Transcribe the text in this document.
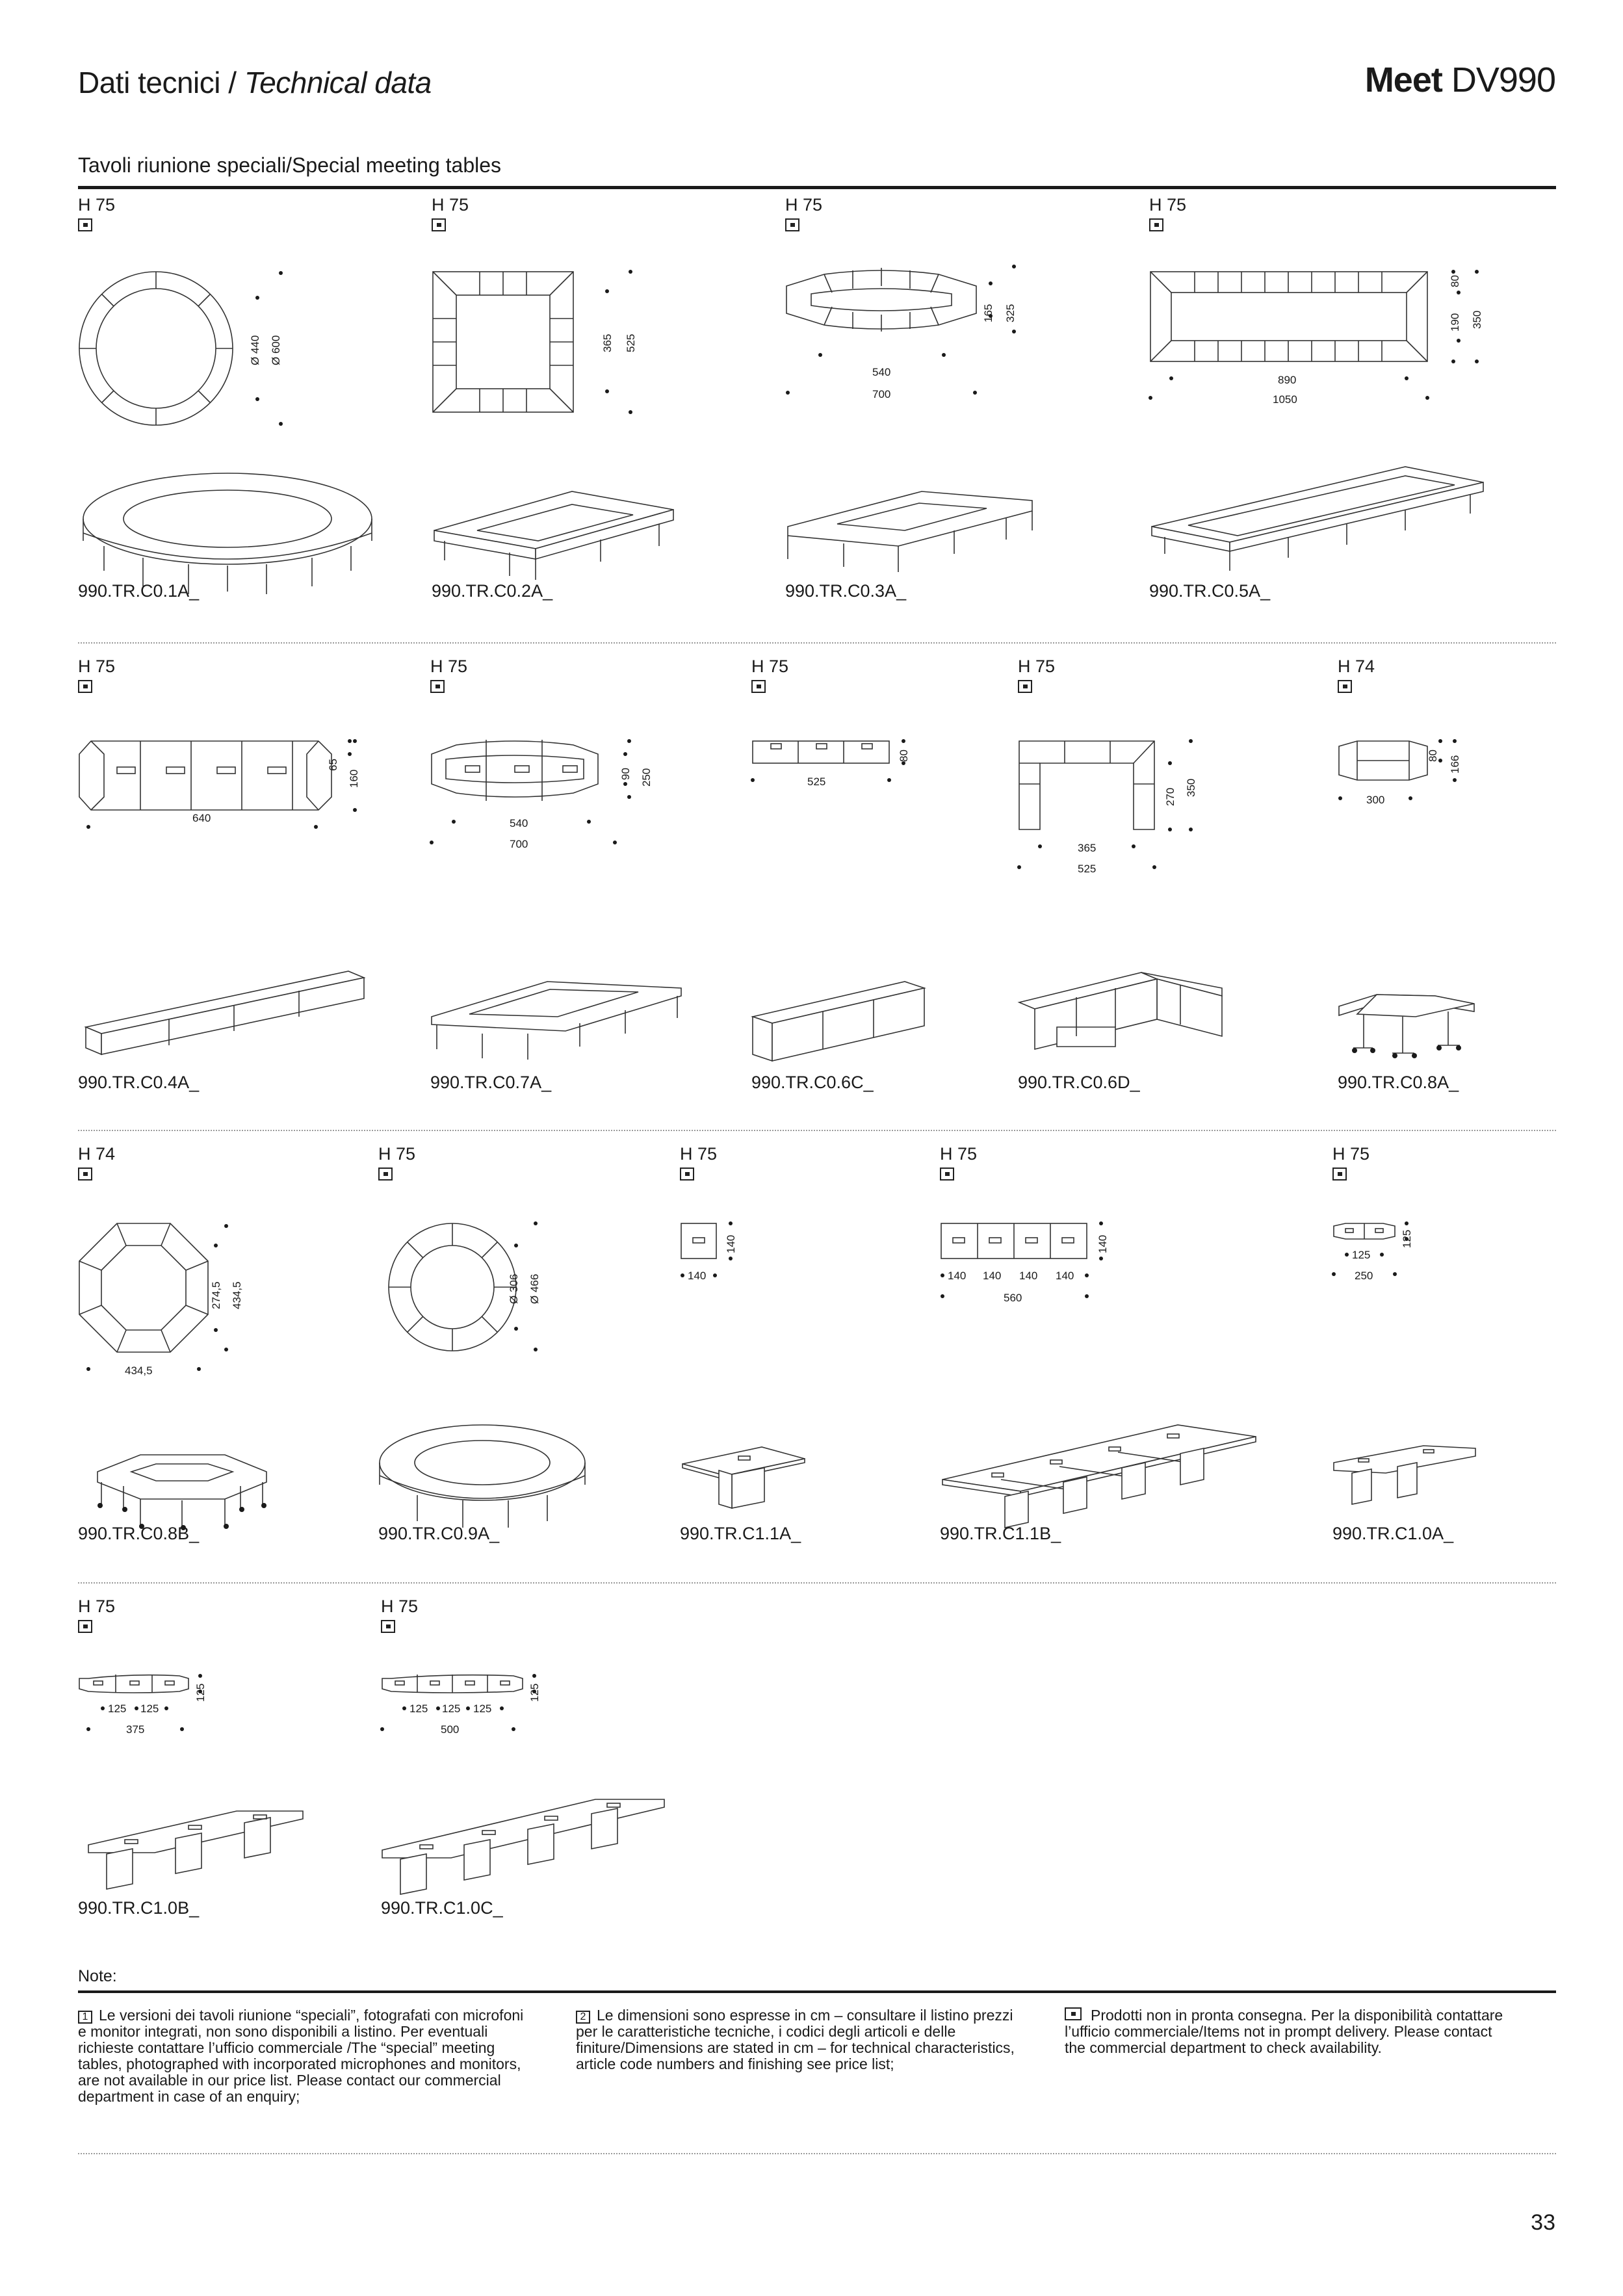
Dati tecnici / Technical data	Meet DV990
Tavoli riunione speciali/Special meeting tables
H 75
Ø 440 Ø 600
990.TR.C0.1A_
H 75
365 525
990.TR.C0.2A_
H 75
165 325
540
700
990.TR.C0.3A_
H 75
80
190 350
890
1050
990.TR.C0.5A_
H 75
65
160
640
990.TR.C0.4A_
H 75
90 250
540
700
990.TR.C0.7A_
H 75
80
525
990.TR.C0.6C_
H 75
270 350
365
525
990.TR.C0.6D_
H 74
80 166
300
990.TR.C0.8A_
H 74
274,5 434,5
434,5
990.TR.C0.8B_
H 75
Ø 306 Ø 466
990.TR.C0.9A_
H 75
140
140
990.TR.C1.1A_
H 75
140
140 140 140 140
560
990.TR.C1.1B_
H 75
125
125
250
990.TR.C1.0A_
H 75
125
125 125
375
990.TR.C1.0B_
H 75
125
125 125 125
500
990.TR.C1.0C_
Note:
1 Le versioni dei tavoli riunione “speciali”, fotografati con microfoni e monitor integrati, non sono disponibili a listino. Per eventuali richieste contattare l’ufficio commerciale /The “special” meeting tables, photographed with incorporated microphones and monitors, are not available in our price list. Please contact our commercial department in case of an enquiry;
2 Le dimensioni sono espresse in cm – consultare il listino prezzi per le caratteristiche tecniche, i codici degli articoli e delle finiture/Dimensions are stated in cm – for technical characteristics, article code numbers and finishing see price list;
Prodotti non in pronta consegna. Per la disponibilità contattare l’ufficio commerciale/Items not in prompt delivery. Please contact the commercial department to check availability.
33
